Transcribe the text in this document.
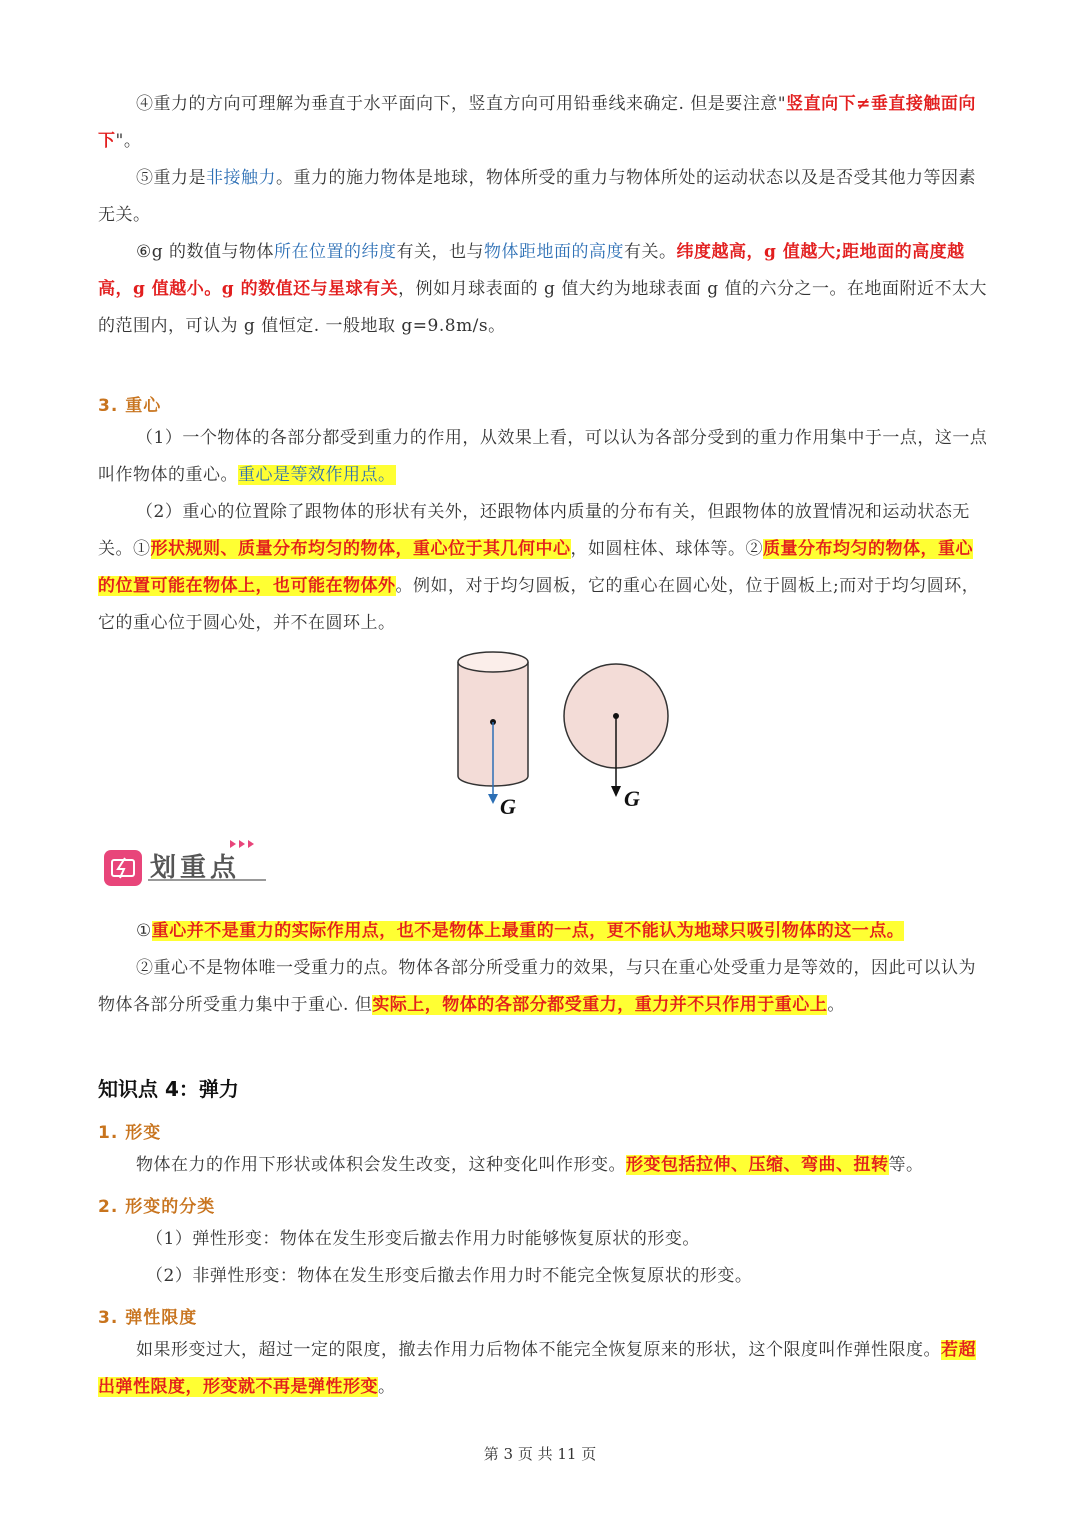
④重力的方向可理解为垂直于水平面向下，竖直方向可用铅垂线来确定. 但是要注意"竖直向下≠垂直接触面向下"。
⑤重力是非接触力。重力的施力物体是地球，物体所受的重力与物体所处的运动状态以及是否受其他力等因素无关。
⑥g 的数值与物体所在位置的纬度有关，也与物体距地面的高度有关。纬度越高，g 值越大;距地面的高度越高，g 值越小。g 的数值还与星球有关，例如月球表面的 g 值大约为地球表面 g 值的六分之一。在地面附近不太大的范围内，可认为 g 值恒定. 一般地取 g=9.8m/s。
3. 重心
（1）一个物体的各部分都受到重力的作用，从效果上看，可以认为各部分受到的重力作用集中于一点，这一点叫作物体的重心。重心是等效作用点。
（2）重心的位置除了跟物体的形状有关外，还跟物体内质量的分布有关，但跟物体的放置情况和运动状态无关。①形状规则、质量分布均匀的物体，重心位于其几何中心，如圆柱体、球体等。②质量分布均匀的物体，重心的位置可能在物体上，也可能在物体外。例如，对于均匀圆板，它的重心在圆心处，位于圆板上;而对于均匀圆环，它的重心位于圆心处，并不在圆环上。
G	G
划重点
①重心并不是重力的实际作用点，也不是物体上最重的一点，更不能认为地球只吸引物体的这一点。
②重心不是物体唯一受重力的点。物体各部分所受重力的效果，与只在重心处受重力是等效的，因此可以认为物体各部分所受重力集中于重心. 但实际上，物体的各部分都受重力，重力并不只作用于重心上。
知识点 4：弹力
1. 形变
物体在力的作用下形状或体积会发生改变，这种变化叫作形变。形变包括拉伸、压缩、弯曲、扭转等。
2. 形变的分类
（1）弹性形变：物体在发生形变后撤去作用力时能够恢复原状的形变。
（2）非弹性形变：物体在发生形变后撤去作用力时不能完全恢复原状的形变。
3. 弹性限度
如果形变过大，超过一定的限度，撤去作用力后物体不能完全恢复原来的形状，这个限度叫作弹性限度。若超出弹性限度，形变就不再是弹性形变。
第 3 页 共 11 页
